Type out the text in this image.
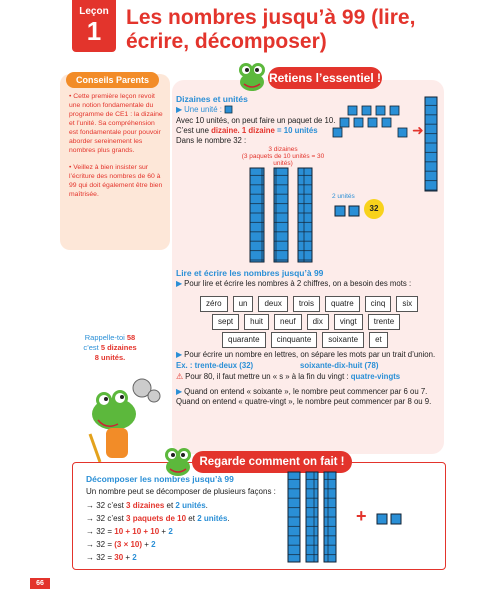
Leçon
1	Les nombres jusqu’à 99 (lire, écrire, décomposer)
Conseils Parents

• Cette première leçon revoit une notion fondamentale du programme de CE1 : la dizaine et l’unité. Sa compréhension est fondamentale pour pouvoir aborder sereinement les nombres plus grands.

• Veillez à bien insister sur l’écriture des nombres de 60 à 99 qui doit également être bien maîtrisée.

Retiens l’essentiel !
Dizaines et unités
▶ Une unité :
Avec 10 unités, on peut faire un paquet de 10.
C’est une dizaine. 1 dizaine = 10 unités
Dans le nombre 32 :
3 dizaines
(3 paquets de 10 unités = 30 unités)
➜
2 unités
32
Lire et écrire les nombres jusqu’à 99
▶ Pour lire et écrire les nombres à 2 chiffres, on a besoin des mots :
zéro	un	deux	trois	quatre	cinq	six
sept	huit	neuf	dix	vingt	trente
quarante	cinquante	soixante	et
▶ Pour écrire un nombre en lettres, on sépare les mots par un trait d’union.
Ex. : trente-deux (32)	soixante-dix-huit (78)
⚠ Pour 80, il faut mettre un « s » à la fin du vingt : quatre-vingts
▶ Quand on entend « soixante », le nombre peut commencer par 6 ou 7.
Quand on entend « quatre-vingt », le nombre peut commencer par 8 ou 9.
Rappelle-toi 58
c’est 5 dizaines
8 unités.
Regarde comment on fait !
Décomposer les nombres jusqu’à 99
Un nombre peut se décomposer de plusieurs façons :
→ 32 c’est 3 dizaines et 2 unités.
→ 32 c’est 3 paquets de 10 et 2 unités.
→ 32 = 10 + 10 + 10 + 2
→ 32 = (3 × 10) + 2
→ 32 = 30 + 2
+
66
